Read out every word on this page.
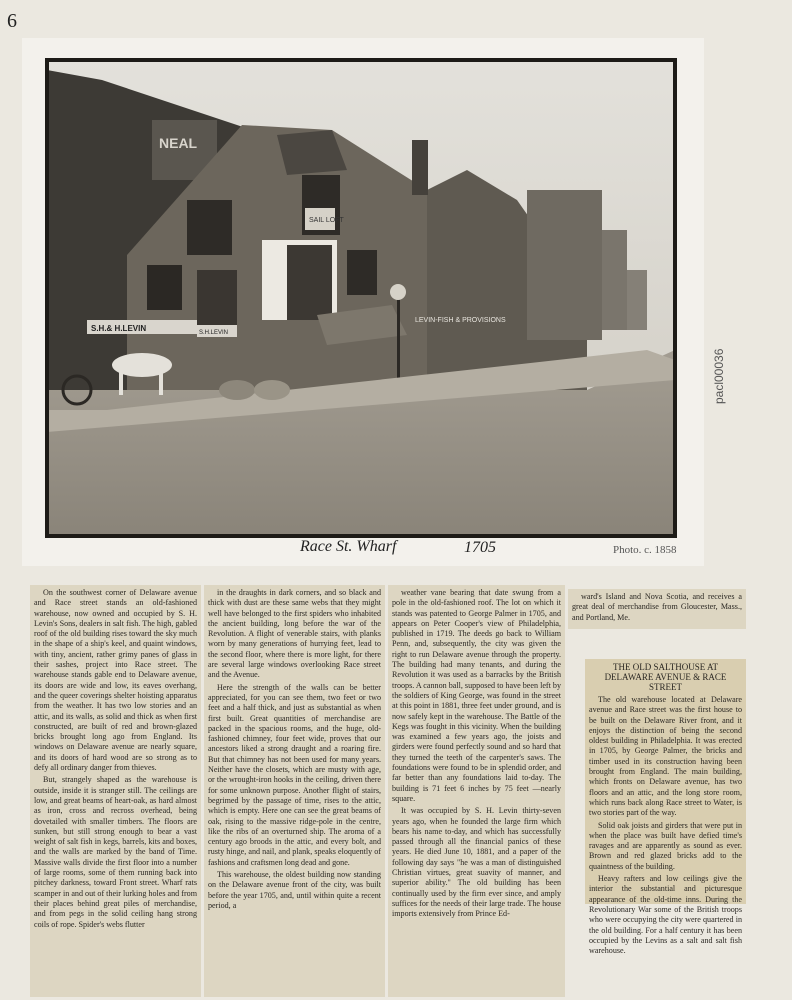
6
NEAL
SAIL LOFT
S.H.& H.LEVIN	S.H.LEVIN
LEVIN-FISH & PROVISIONS
Race St. Wharf	1705	Photo. c. 1858
pacl00036

On the southwest corner of Delaware avenue and Race street stands an old-fashioned warehouse, now owned and occupied by S. H. Levin's Sons, dealers in salt fish. The high, gabled roof of the old building rises toward the sky much in the shape of a ship's keel, and quaint windows, with tiny, ancient, rather grimy panes of glass in their sashes, project into Race street. The warehouse stands gable end to Delaware avenue, its doors are wide and low, its eaves overhang, and the queer coverings shelter hoisting apparatus from the weather. It has two low stories and an attic, and its walls, as solid and thick as when first constructed, are built of red and brown-glazed bricks brought long ago from England. Its windows on Delaware avenue are nearly square, and its doors of hard wood are so strong as to defy all ordinary danger from thieves.

But, strangely shaped as the warehouse is outside, inside it is stranger still. The ceilings are low, and great beams of heart-oak, as hard almost as iron, cross and recross overhead, being dovetailed with smaller timbers. The floors are sunken, but still strong enough to bear a vast weight of salt fish in kegs, barrels, kits and boxes, and the walls are marked by the band of Time. Massive walls divide the first floor into a number of large rooms, some of them running back into pitchey darkness, toward Front street. Wharf rats scamper in and out of their lurking holes and from their places behind great piles of merchandise, and from pegs in the solid ceiling hang strong coils of rope. Spider's webs flutter

in the draughts in dark corners, and so black and thick with dust are these same webs that they might well have belonged to the first spiders who inhabited the ancient building, long before the war of the Revolution. A flight of venerable stairs, with planks worn by many generations of hurrying feet, lead to the second floor, where there is more light, for there are several large windows overlooking Race street and the Avenue.

Here the strength of the walls can be better appreciated, for you can see them, two feet or two feet and a half thick, and just as substantial as when first built. Great quantities of merchandise are packed in the spacious rooms, and the huge, old-fashioned chimney, four feet wide, proves that our ancestors liked a strong draught and a roaring fire. But that chimney has not been used for many years. Neither have the closets, which are musty with age, or the wrought-iron hooks in the ceiling, driven there for some unknown purpose. Another flight of stairs, begrimed by the passage of time, rises to the attic, which is empty. Here one can see the great beams of oak, rising to the massive ridge-pole in the centre, like the ribs of an overturned ship. The aroma of a century ago broods in the attic, and every bolt, and rusty hinge, and nail, and plank, speaks eloquently of fashions and craftsmen long dead and gone.

This warehouse, the oldest building now standing on the Delaware avenue front of the city, was built before the year 1705, and, until within quite a recent period, a

weather vane bearing that date swung from a pole in the old-fashioned roof. The lot on which it stands was patented to George Palmer in 1705, and appears on Peter Cooper's view of Philadelphia, published in 1719. The deeds go back to William Penn, and, subsequently, the city was given the right to run Delaware avenue through the property. The building had many tenants, and during the Revolution it was used as a barracks by the British troops. A cannon ball, supposed to have been left by the soldiers of King George, was found in the street at this point in 1881, three feet under ground, and is now safely kept in the warehouse. The Battle of the Kegs was fought in this vicinity. When the building was examined a few years ago, the joists and girders were found perfectly sound and so hard that they turned the teeth of the carpenter's saws. The foundations were found to be in splendid order, and far better than any foundations laid to-day. The building is 71 feet 6 inches by 75 feet —nearly square.

It was occupied by S. H. Levin thirty-seven years ago, when he founded the large firm which bears his name to-day, and which has successfully passed through all the financial panics of these years. He died June 10, 1881, and a paper of the following day says "he was a man of distinguished Christian virtues, great suavity of manner, and superior ability." The old building has been continually used by the firm ever since, and amply suffices for the needs of their large trade. The house imports extensively from Prince Ed-

ward's Island and Nova Scotia, and receives a great deal of merchandise from Gloucester, Mass., and Portland, Me.

THE OLD SALTHOUSE AT DELAWARE AVENUE & RACE STREET

The old warehouse located at Delaware avenue and Race street was the first house to be built on the Delaware River front, and it enjoys the distinction of being the second oldest building in Philadelphia. It was erected in 1705, by George Palmer, the bricks and timber used in its construction having been brought from England. The main building, which fronts on Delaware avenue, has two floors and an attic, and the long store room, which runs back along Race street to Water, is two stories part of the way.

Solid oak joists and girders that were put in when the place was built have defied time's ravages and are apparently as sound as ever. Brown and red glazed bricks add to the quaintness of the building.

Heavy rafters and low ceilings give the interior the substantial and picturesque appearance of the old-time inns. During the Revolutionary War some of the British troops who were occupying the city were quartered in the old building. For a half century it has been occupied by the Levins as a salt and salt fish warehouse.
